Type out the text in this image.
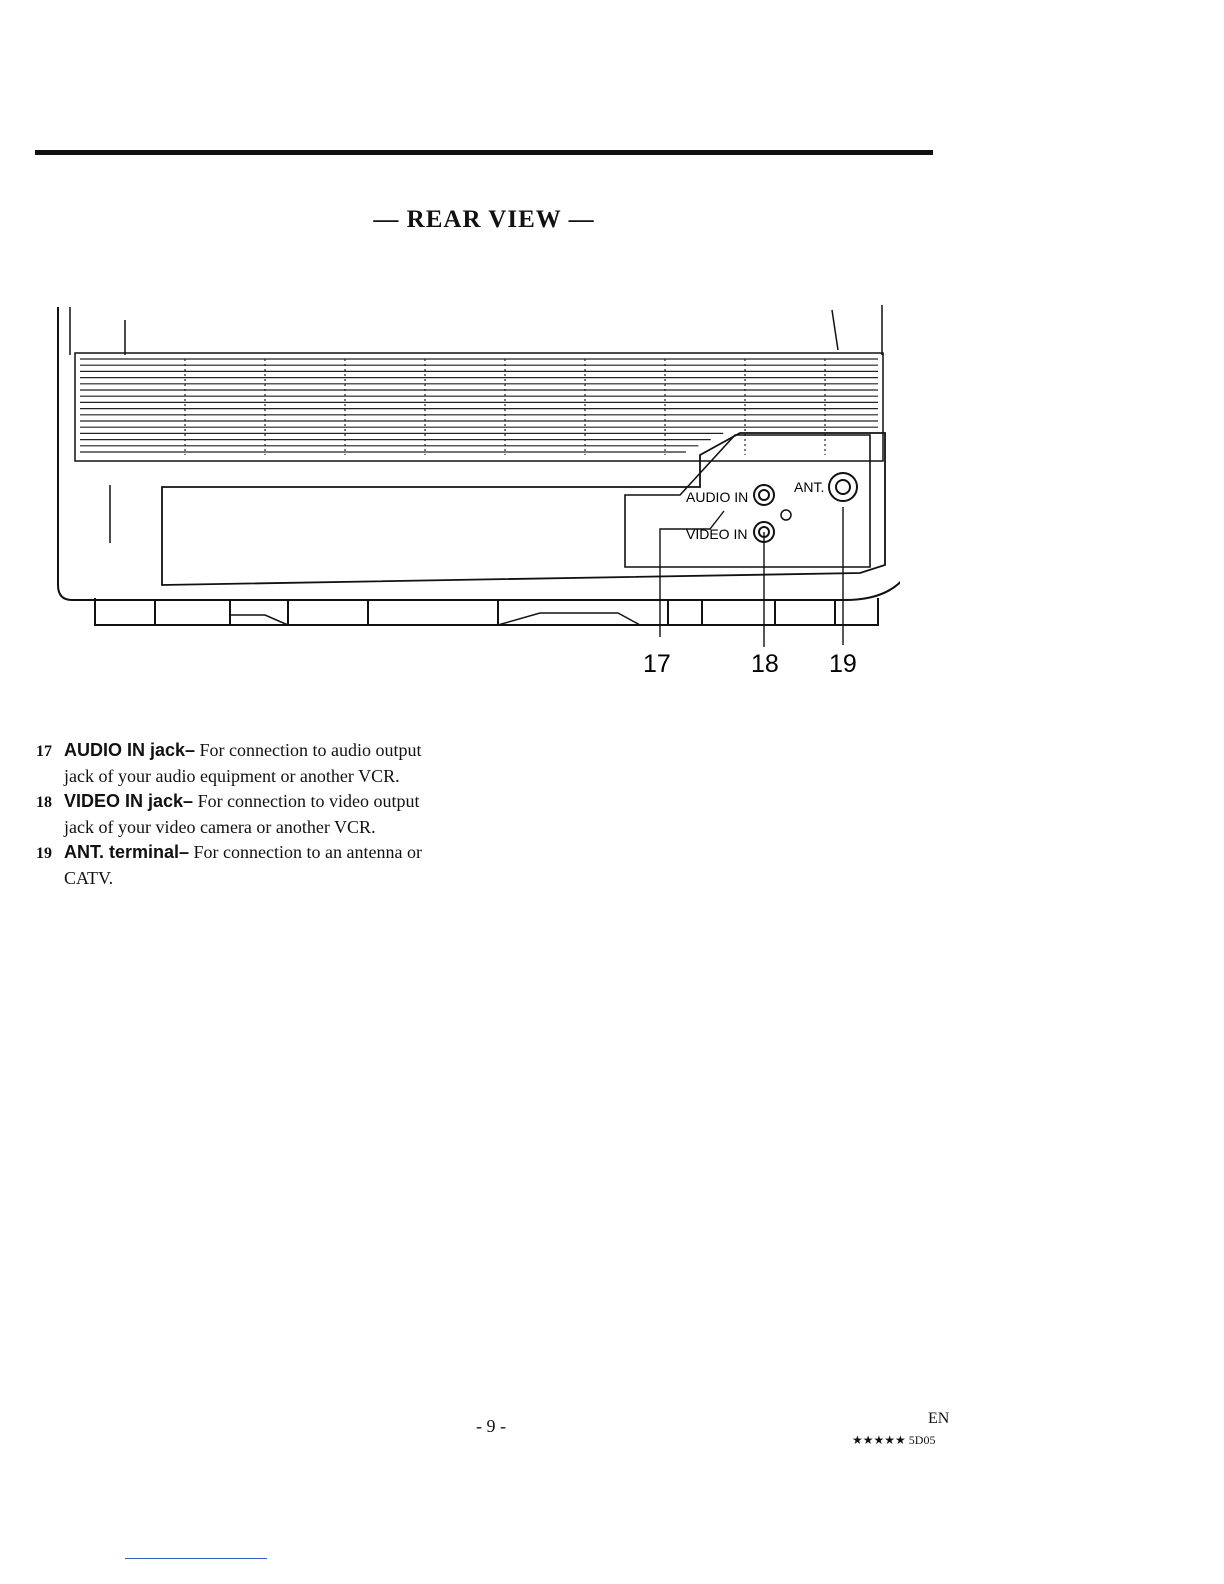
— REAR VIEW —
AUDIO IN
VIDEO IN
ANT.
17	18 19
17 AUDIO IN jack– For connection to audio output
jack of your audio equipment or another VCR.
18 VIDEO IN jack– For connection to video output
jack of your video camera or another VCR.
19 ANT. terminal– For connection to an antenna or
CATV.
- 9 -	EN
★★★★★ 5D05
